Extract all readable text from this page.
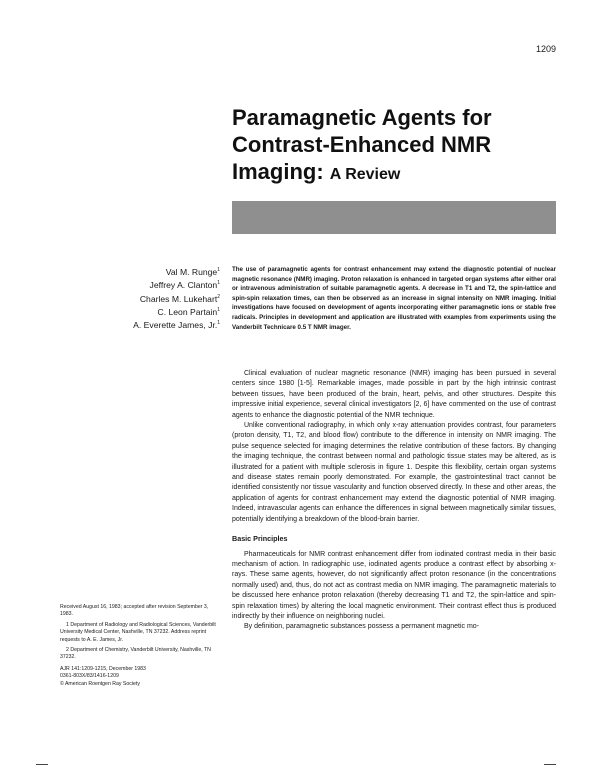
1209
Paramagnetic Agents for
Contrast-Enhanced NMR
Imaging: A Review
Val M. Runge$^1$
Jeffrey A. Clanton$^1$
Charles M. Lukehart$^2$
C. Leon Partain$^1$
A. Everette James, Jr.$^1$
The use of paramagnetic agents for contrast enhancement may extend the diagnostic potential of nuclear magnetic resonance (NMR) imaging. Proton relaxation is enhanced in targeted organ systems after either oral or intravenous administration of suitable paramagnetic agents. A decrease in T1 and T2, the spin-lattice and spin-spin relaxation times, can then be observed as an increase in signal intensity on NMR imaging. Initial investigations have focused on development of agents incorporating either paramagnetic ions or stable free radicals. Principles in development and application are illustrated with examples from experiments using the Vanderbilt Technicare 0.5 T NMR imager.

Clinical evaluation of nuclear magnetic resonance (NMR) imaging has been pursued in several centers since 1980 [1-5]. Remarkable images, made possible in part by the high intrinsic contrast between tissues, have been produced of the brain, heart, pelvis, and other structures. Despite this impressive initial experience, several clinical investigators [2, 6] have commented on the use of contrast agents to enhance the diagnostic potential of the NMR technique.

Unlike conventional radiography, in which only x-ray attenuation provides contrast, four parameters (proton density, T1, T2, and blood flow) contribute to the difference in intensity on NMR imaging. The pulse sequence selected for imaging determines the relative contribution of these factors. By changing the imaging technique, the contrast between normal and pathologic tissue states may be altered, as is illustrated for a patient with multiple sclerosis in figure 1. Despite this flexibility, certain organ systems and disease states remain poorly demonstrated. For example, the gastrointestinal tract cannot be identified consistently nor tissue vascularity and function observed directly. In these and other areas, the application of agents for contrast enhancement may extend the diagnostic potential of NMR imaging. Indeed, intravascular agents can enhance the differences in signal between magnetically similar tissues, potentially identifying a breakdown of the blood-brain barrier.

Basic Principles

Pharmaceuticals for NMR contrast enhancement differ from iodinated contrast media in their basic mechanism of action. In radiographic use, iodinated agents produce a contrast effect by absorbing x-rays. These same agents, however, do not significantly affect proton resonance (in the concentrations normally used) and, thus, do not act as contrast media on NMR imaging. The paramagnetic materials to be discussed here enhance proton relaxation (thereby decreasing T1 and T2, the spin-lattice and spin-spin relaxation times) by altering the local magnetic environment. Their contrast effect thus is produced indirectly by their influence on neighboring nuclei.

By definition, paramagnetic substances possess a permanent magnetic mo-

Received August 16, 1983; accepted after revision September 3, 1983.

1 Department of Radiology and Radiological Sciences, Vanderbilt University Medical Center, Nashville, TN 37232. Address reprint requests to A. E. James, Jr.

2 Department of Chemistry, Vanderbilt University, Nashville, TN 37232.

AJR 141:1209-1215, December 1983
0361-803X/83/1416-1209
© American Roentgen Ray Society
